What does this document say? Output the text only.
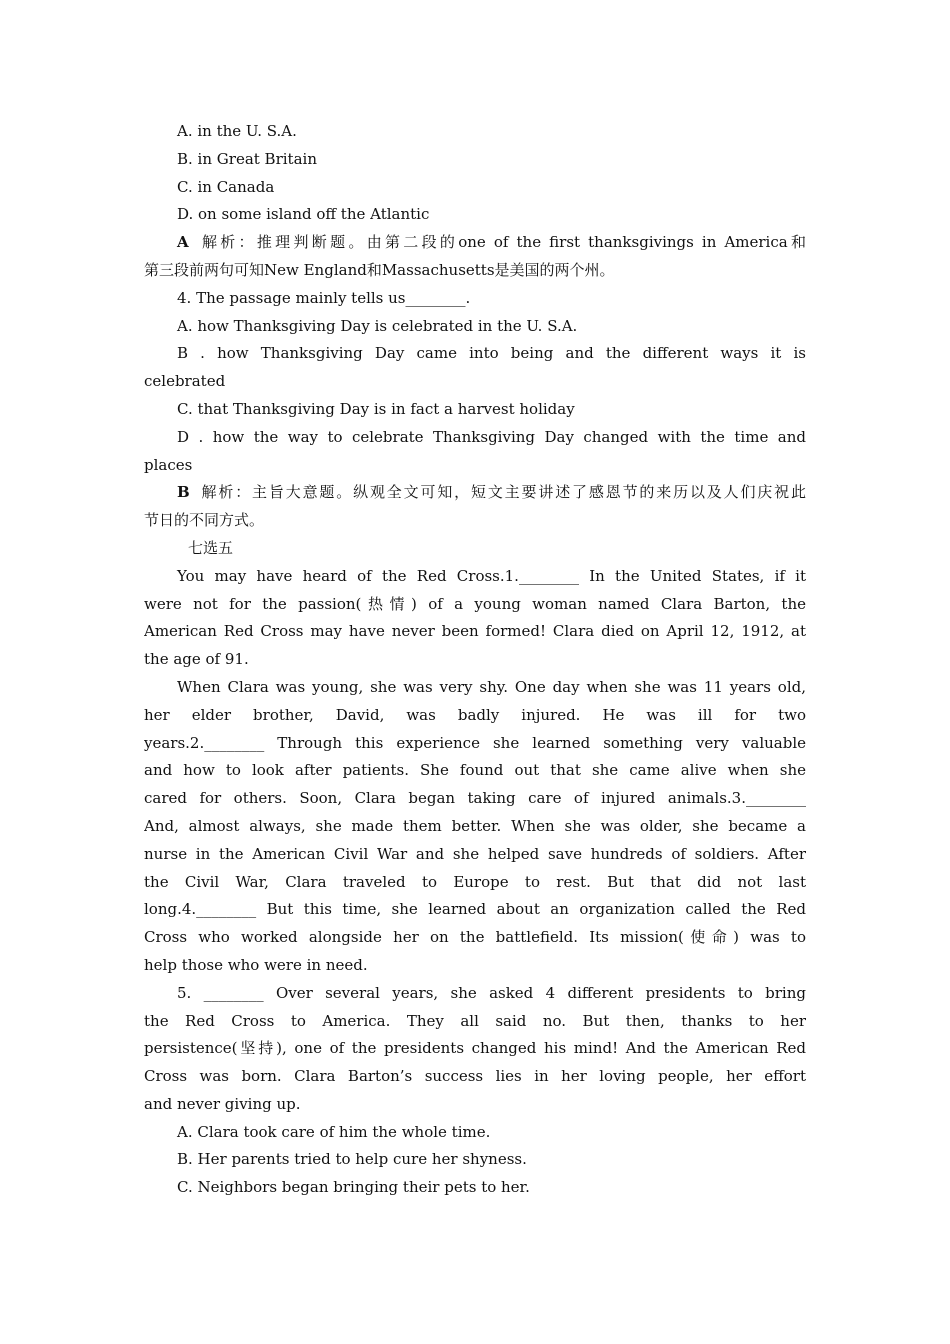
A. in the U. S.A.
B. in Great Britain
C. in Canada
D. on some island off the Atlantic
A 解析：推理判断题。由第二段的one of the first thanksgivings in America和
第三段前两句可知New England和Massachusetts是美国的两个州。
4. The passage mainly tells us________.
A. how Thanksgiving Day is celebrated in the U. S.A.
B . how Thanksgiving Day came into being and the different ways it is
celebrated
C. that Thanksgiving Day is in fact a harvest holiday
D . how the way to celebrate Thanksgiving Day changed with the time and
places
B 解析：主旨大意题。纵观全文可知，短文主要讲述了感恩节的来历以及人们庆祝此
节日的不同方式。
七选五
You may have heard of the Red Cross.1.________ In the United States, if it
were not for the passion(热情) of a young woman named Clara Barton, the
American Red Cross may have never been formed! Clara died on April 12, 1912, at
the age of 91.
When Clara was young, she was very shy. One day when she was 11 years old,
her elder brother, David, was badly injured. He was ill for two
years.2.________ Through this experience she learned something very valuable
and how to look after patients. She found out that she came alive when she
cared for others. Soon, Clara began taking care of injured animals.3.________
And, almost always, she made them better. When she was older, she became a
nurse in the American Civil War and she helped save hundreds of soldiers. After
the Civil War, Clara traveled to Europe to rest. But that did not last
long.4.________ But this time, she learned about an organization called the Red
Cross who worked alongside her on the battlefield. Its mission(使命) was to
help those who were in need.
5. ________ Over several years, she asked 4 different presidents to bring
the Red Cross to America. They all said no. But then, thanks to her
persistence(坚持), one of the presidents changed his mind! And the American Red
Cross was born. Clara Barton’s success lies in her loving people, her effort
and never giving up.
A. Clara took care of him the whole time.
B. Her parents tried to help cure her shyness.
C. Neighbors began bringing their pets to her.
